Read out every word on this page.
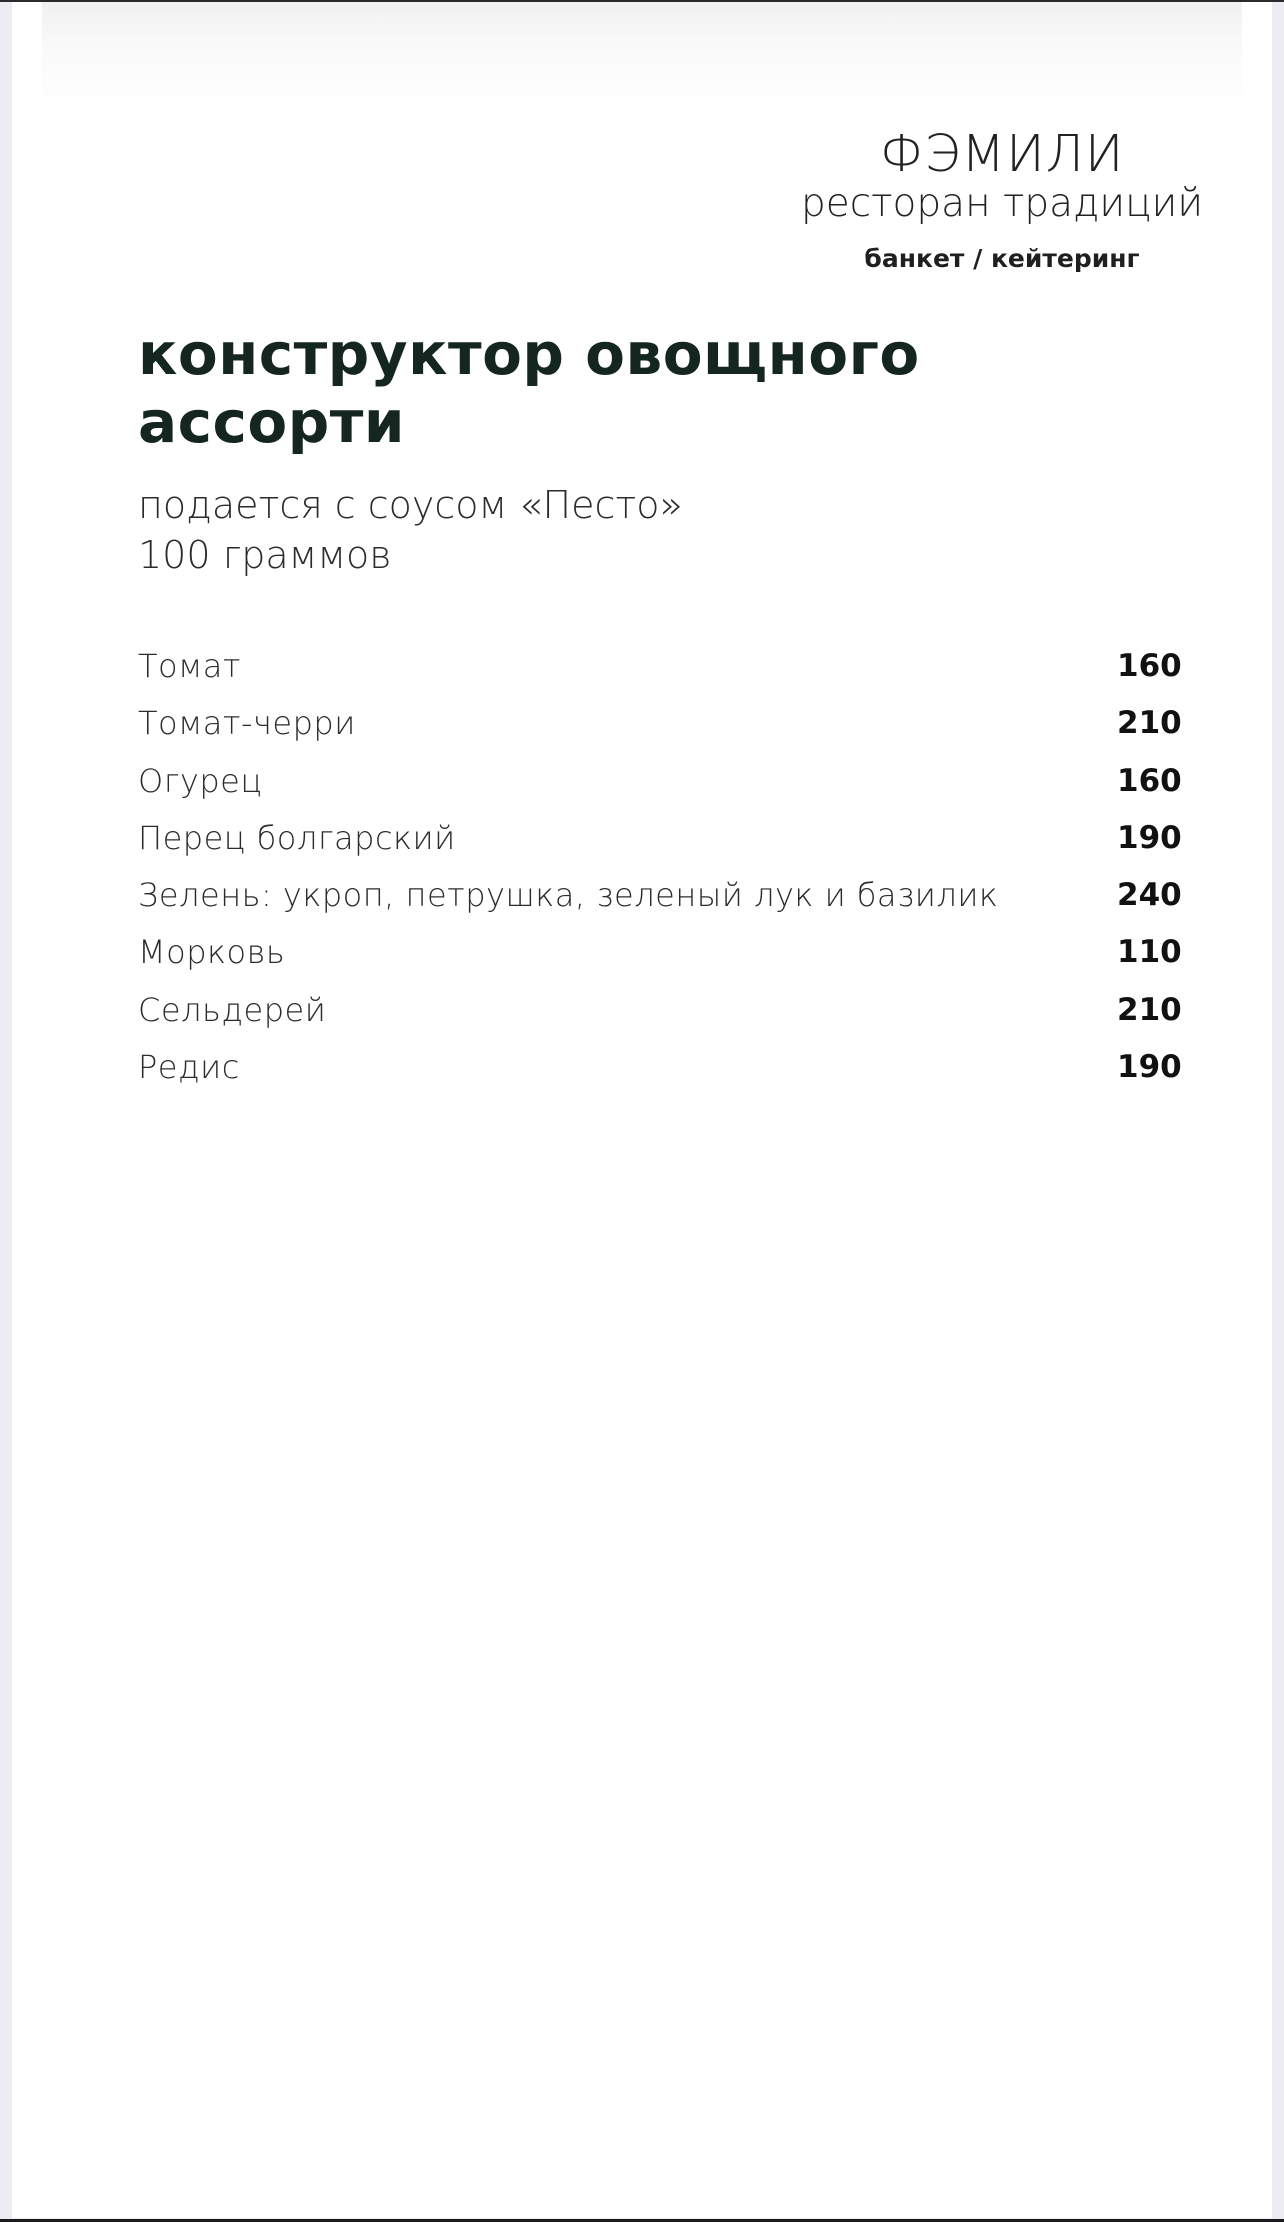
ФЭМИЛИ
ресторан традиций
банкет / кейтеринг
конструктор овощного
ассорти
подается с соусом «Песто»
100 граммов
Томат	160
Томат-черри	210
Огурец	160
Перец болгарский	190
Зелень: укроп, петрушка, зеленый лук и базилик	240
Морковь	110
Сельдерей	210
Редис	190
